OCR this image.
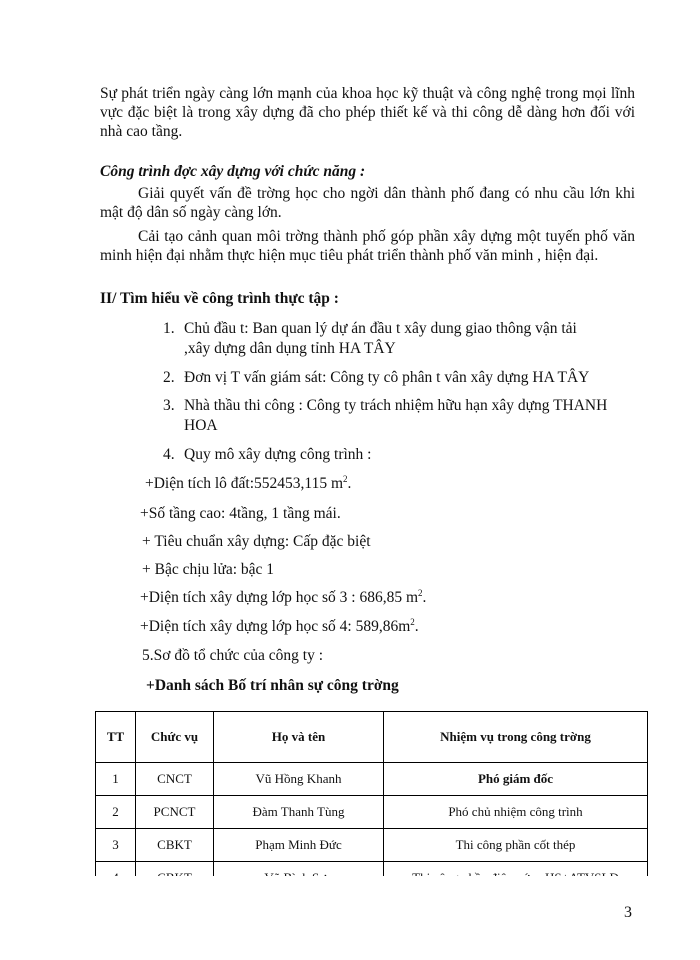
Sự phát triển ngày càng lớn mạnh của khoa học kỹ thuật và công nghệ trong mọi lĩnh vực đặc biệt là trong xây dựng đã cho phép thiết kế và thi công dễ dàng hơn đối với nhà cao tầng.
Công trình đợc xây dựng với chức năng :
Giải quyết vấn đề trờng học cho ngời dân thành phố đang có nhu cầu lớn khi mật độ dân số ngày càng lớn.
Cải tạo cảnh quan môi trờng thành phố góp phần xây dựng một tuyến phố văn minh hiện đại nhằm thực hiện mục tiêu phát triển thành phố văn minh , hiện đại.
II/ Tìm hiểu về công trình thực tập :
1. Chủ đầu t: Ban quan lý dự án đầu t xây dung giao thông vận tải
,xây dựng dân dụng tỉnh HA TÂY
2. Đơn vị T vấn giám sát: Công ty cô phân t vân xây dựng HA TÂY
3. Nhà thầu thi công : Công ty trách nhiệm hữu hạn xây dựng THANH
HOA
4. Quy mô xây dựng công trình :
+Diện tích lô đất:552453,115 $m^2$.
+Số tầng cao: 4tầng, 1 tầng mái.
+ Tiêu chuẩn xây dựng: Cấp đặc biệt
+ Bậc chịu lửa: bậc 1
+Diện tích xây dựng lớp học số 3 : 686,85 $m^2$.
+Diện tích xây dựng lớp học số 4: $589,86m^2$.
5.Sơ đồ tổ chức của công ty :
+Danh sách Bố trí nhân sự công trờng
TT	Chức vụ	Họ và tên	Nhiệm vụ trong công trờng
1	CNCT	Vũ Hồng Khanh	Phó giám đốc
2	PCNCT	Đàm Thanh Tùng	Phó chủ nhiệm công trình
3	CBKT	Phạm Minh Đức	Thi công phần cốt thép

3
